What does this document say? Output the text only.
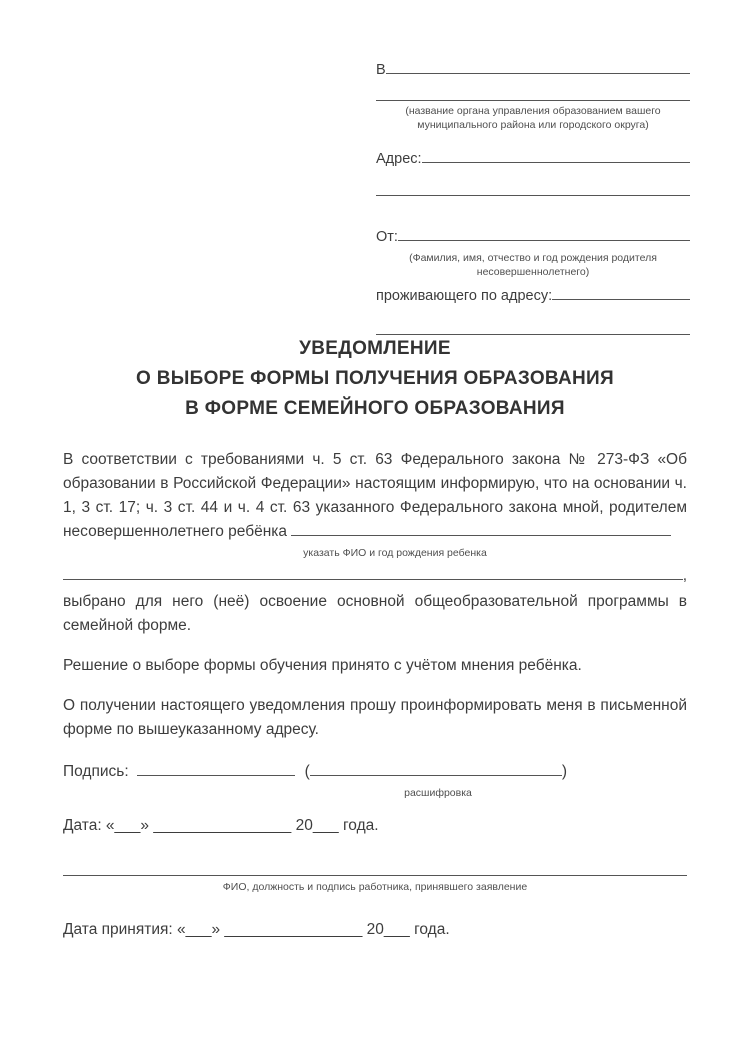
В
(название органа управления образованием вашего
муниципального района или городского округа)
Адрес:
От:
(Фамилия, имя, отчество и год рождения родителя
несовершеннолетнего)
проживающего по адресу:
УВЕДОМЛЕНИЕ
О ВЫБОРЕ ФОРМЫ ПОЛУЧЕНИЯ ОБРАЗОВАНИЯ
В ФОРМЕ СЕМЕЙНОГО ОБРАЗОВАНИЯ

В соответствии с требованиями ч. 5 ст. 63 Федерального закона № 273-ФЗ «Об образовании в Российской Федерации» настоящим информирую, что на основании ч. 1, 3 ст. 17; ч. 3 ст. 44 и ч. 4 ст. 63 указанного Федерального закона мной, родителем несовершеннолетнего ребёнка

указать ФИО и год рождения ребенка
,

выбрано для него (неё) освоение основной общеобразовательной программы в семейной форме.

Решение о выборе формы обучения принято с учётом мнения ребёнка.

О получении настоящего уведомления прошу проинформировать меня в письменной форме по вышеуказанному адресу.

Подпись:	(	)
расшифровка
Дата: «___» ________________ 20___ года.
ФИО, должность и подпись работника, принявшего заявление
Дата принятия: «___» ________________ 20___ года.
